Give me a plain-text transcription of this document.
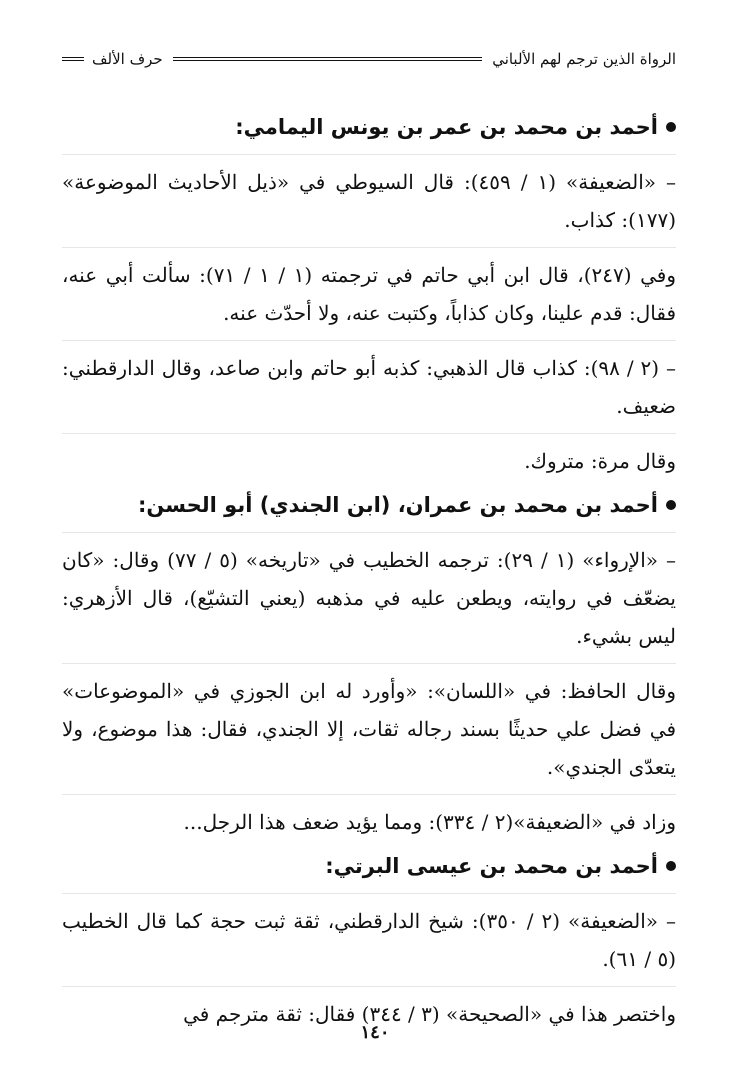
الرواة الذين ترجم لهم الألباني
حرف الألف
أحمد بن محمد بن عمر بن يونس اليمامي:

– «الضعيفة» (١ / ٤٥٩): قال السيوطي في «ذيل الأحاديث الموضوعة» (١٧٧): كذاب.

وفي (٢٤٧)، قال ابن أبي حاتم في ترجمته (١ / ١ / ٧١): سألت أبي عنه، فقال: قدم علينا، وكان كذاباً، وكتبت عنه، ولا أحدّث عنه.

– (٢ / ٩٨): كذاب قال الذهبي: كذبه أبو حاتم وابن صاعد، وقال الدارقطني: ضعيف.

وقال مرة: متروك.

أحمد بن محمد بن عمران، (ابن الجندي) أبو الحسن:

– «الإرواء» (١ / ٢٩): ترجمه الخطيب في «تاريخه» (٥ / ٧٧) وقال: «كان يضعّف في روايته، ويطعن عليه في مذهبه (يعني التشيّع)، قال الأزهري: ليس بشيء.

وقال الحافظ: في «اللسان»: «وأورد له ابن الجوزي في «الموضوعات» في فضل علي حديثًا بسند رجاله ثقات، إلا الجندي، فقال: هذا موضوع، ولا يتعدّى الجندي».

وزاد في «الضعيفة»(٢ / ٣٣٤): ومما يؤيد ضعف هذا الرجل...

أحمد بن محمد بن عيسى البرتي:

– «الضعيفة» (٢ / ٣٥٠): شيخ الدارقطني، ثقة ثبت حجة كما قال الخطيب (٥ / ٦١).

واختصر هذا في «الصحيحة» (٣ / ٣٤٤) فقال: ثقة مترجم في

١٤٠
